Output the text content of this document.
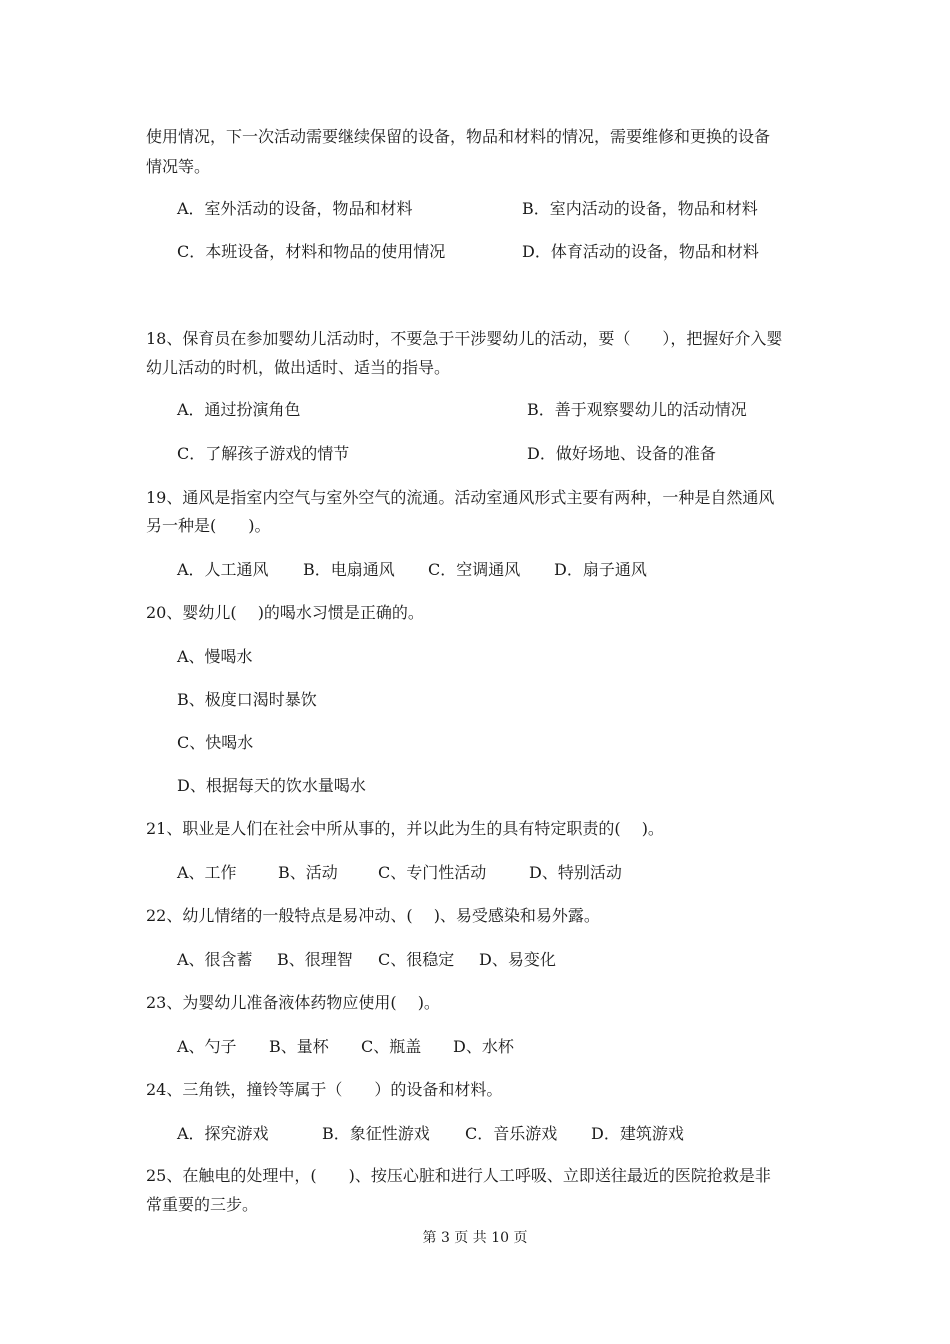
使用情况，下一次活动需要继续保留的设备，物品和材料的情况，需要维修和更换的设备
情况等。
A．室外活动的设备，物品和材料	B．室内活动的设备，物品和材料
C．本班设备，材料和物品的使用情况	D．体育活动的设备，物品和材料
18、保育员在参加婴幼儿活动时，不要急于干涉婴幼儿的活动，要（　　），把握好介入婴
幼儿活动的时机，做出适时、适当的指导。
A．通过扮演角色	B．善于观察婴幼儿的活动情况
C．了解孩子游戏的情节	D．做好场地、设备的准备
19、通风是指室内空气与室外空气的流通。活动室通风形式主要有两种，一种是自然通风
另一种是(　　)。
A．人工通风 B．电扇通风 C．空调通风 D．扇子通风
20、婴幼儿(　 )的喝水习惯是正确的。
A、慢喝水
B、极度口渴时暴饮
C、快喝水
D、根据每天的饮水量喝水
21、职业是人们在社会中所从事的，并以此为生的具有特定职责的(　 )。
A、工作	B、活动	C、专门性活动	D、特别活动
22、幼儿情绪的一般特点是易冲动、(　 )、易受感染和易外露。
A、很含蓄 B、很理智 C、很稳定 D、易变化
23、为婴幼儿准备液体药物应使用(　 )。
A、勺子 B、量杯 C、瓶盖 D、水杯
24、三角铁，撞铃等属于（　　）的设备和材料。
A．探究游戏	B．象征性游戏 C．音乐游戏 D．建筑游戏
25、在触电的处理中，(　　)、按压心脏和进行人工呼吸、立即送往最近的医院抢救是非
常重要的三步。
第 3 页 共 10 页
